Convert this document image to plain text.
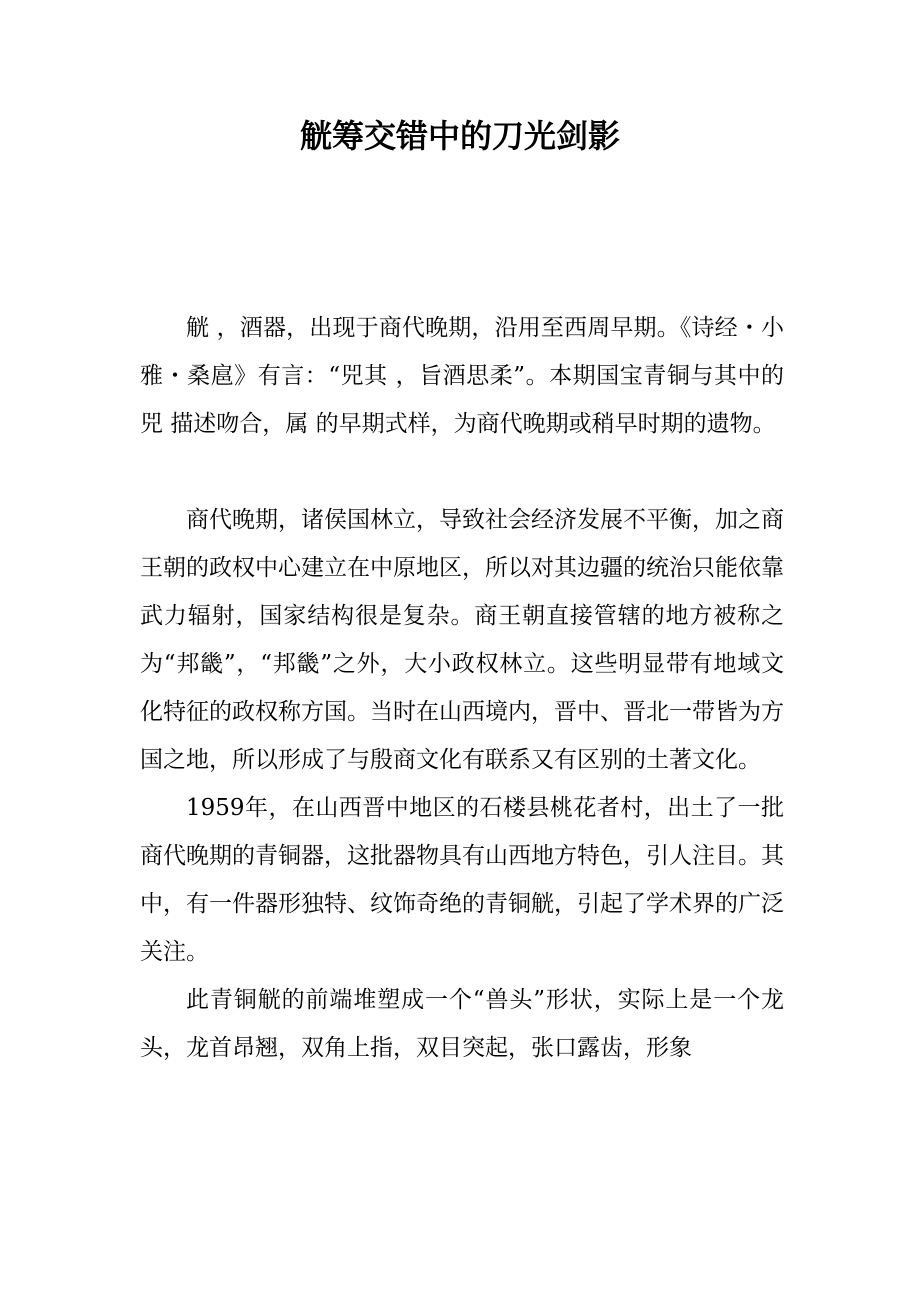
觥筹交错中的刀光剑影

觥 ，酒器，出现于商代晚期，沿用至西周早期。《诗经・小雅・桑扈》有言：“兕其 ，旨酒思柔”。本期国宝青铜与其中的兕 描述吻合，属 的早期式样，为商代晚期或稍早时期的遗物。

商代晚期，诸侯国林立，导致社会经济发展不平衡，加之商王朝的政权中心建立在中原地区，所以对其边疆的统治只能依靠武力辐射，国家结构很是复杂。商王朝直接管辖的地方被称之为“邦畿”，“邦畿”之外，大小政权林立。这些明显带有地域文化特征的政权称方国。当时在山西境内，晋中、晋北一带皆为方国之地，所以形成了与殷商文化有联系又有区别的土著文化。

1959年，在山西晋中地区的石楼县桃花者村，出土了一批商代晚期的青铜器，这批器物具有山西地方特色，引人注目。其中，有一件器形独特、纹饰奇绝的青铜觥，引起了学术界的广泛关注。

此青铜觥的前端堆塑成一个“兽头”形状，实际上是一个龙头，龙首昂翘，双角上指，双目突起，张口露齿，形象
